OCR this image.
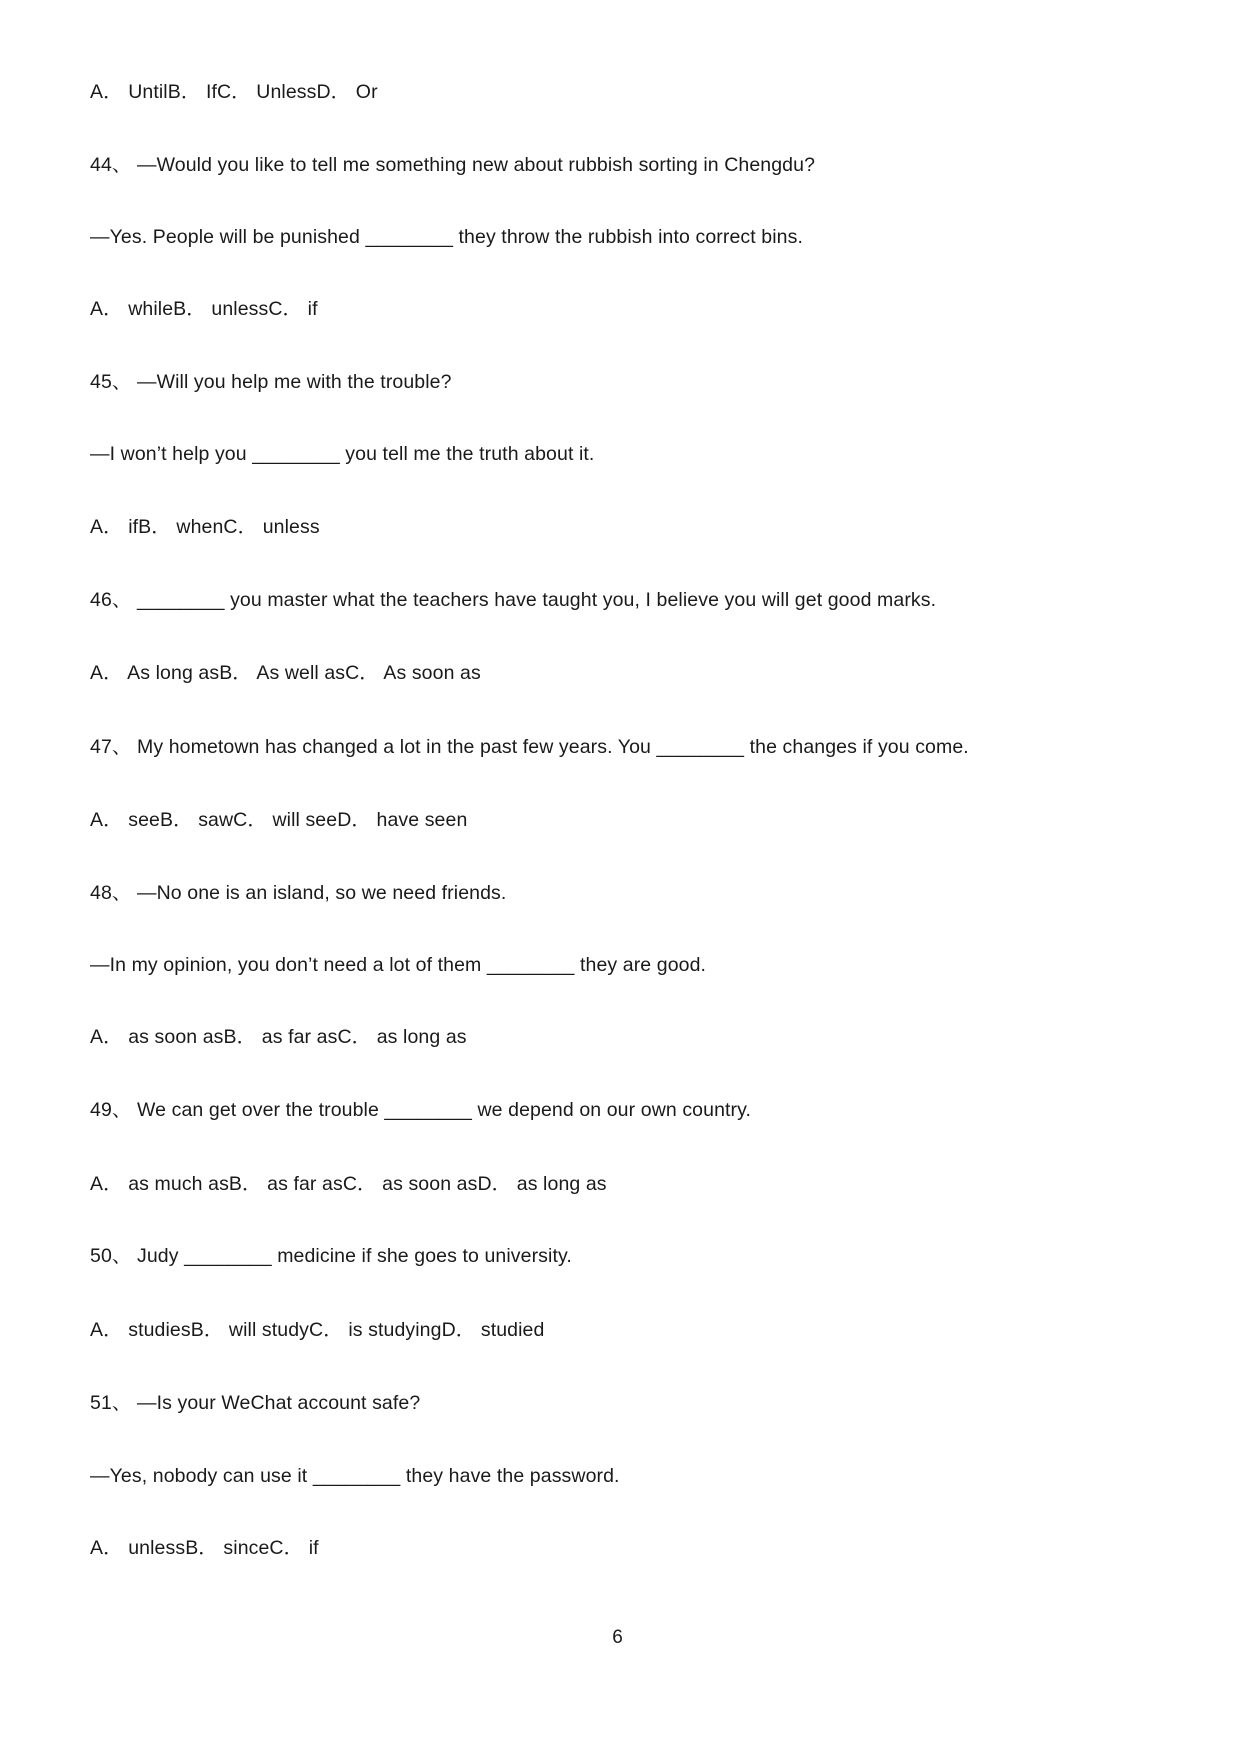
A． UntilB． IfC． UnlessD． Or
44、 —Would you like to tell me something new about rubbish sorting in Chengdu?
—Yes. People will be punished ________ they throw the rubbish into correct bins.
A． whileB． unlessC． if
45、 —Will you help me with the trouble?
—I won’t help you ________ you tell me the truth about it.
A． ifB． whenC． unless
46、 ________ you master what the teachers have taught you, I believe you will get good marks.
A． As long asB． As well asC． As soon as
47、 My hometown has changed a lot in the past few years. You ________ the changes if you come.
A． seeB． sawC． will seeD． have seen
48、 —No one is an island, so we need friends.
—In my opinion, you don’t need a lot of them ________ they are good.
A． as soon asB． as far asC． as long as
49、 We can get over the trouble ________ we depend on our own country.
A． as much asB． as far asC． as soon asD． as long as
50、 Judy ________ medicine if she goes to university.
A． studiesB． will studyC． is studyingD． studied
51、 —Is your WeChat account safe?
—Yes, nobody can use it ________ they have the password.
A． unlessB． sinceC． if
6
